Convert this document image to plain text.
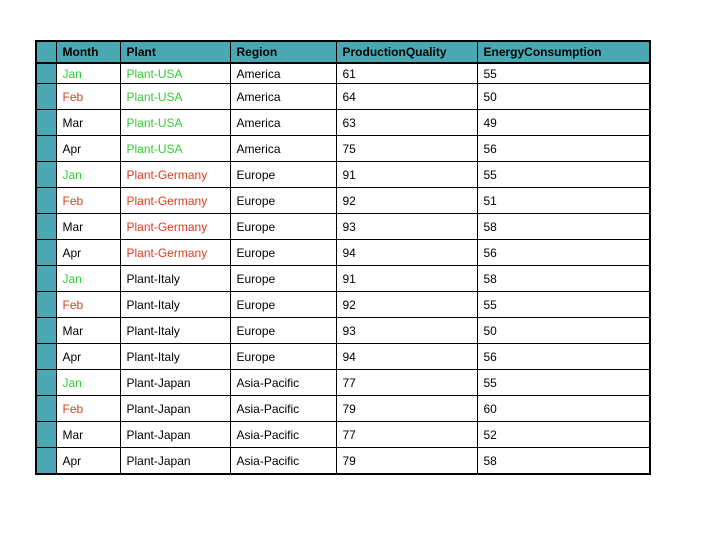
	Month	Plant	Region	ProductionQuality	EnergyConsumption
	Jan	Plant-USA	America	61	55
	Feb	Plant-USA	America	64	50
	Mar	Plant-USA	America	63	49
	Apr	Plant-USA	America	75	56
	Jan	Plant-Germany	Europe	91	55
	Feb	Plant-Germany	Europe	92	51
	Mar	Plant-Germany	Europe	93	58
	Apr	Plant-Germany	Europe	94	56
	Jan	Plant-Italy	Europe	91	58
	Feb	Plant-Italy	Europe	92	55
	Mar	Plant-Italy	Europe	93	50
	Apr	Plant-Italy	Europe	94	56
	Jan	Plant-Japan	Asia-Pacific	77	55
	Feb	Plant-Japan	Asia-Pacific	79	60
	Mar	Plant-Japan	Asia-Pacific	77	52
	Apr	Plant-Japan	Asia-Pacific	79	58
